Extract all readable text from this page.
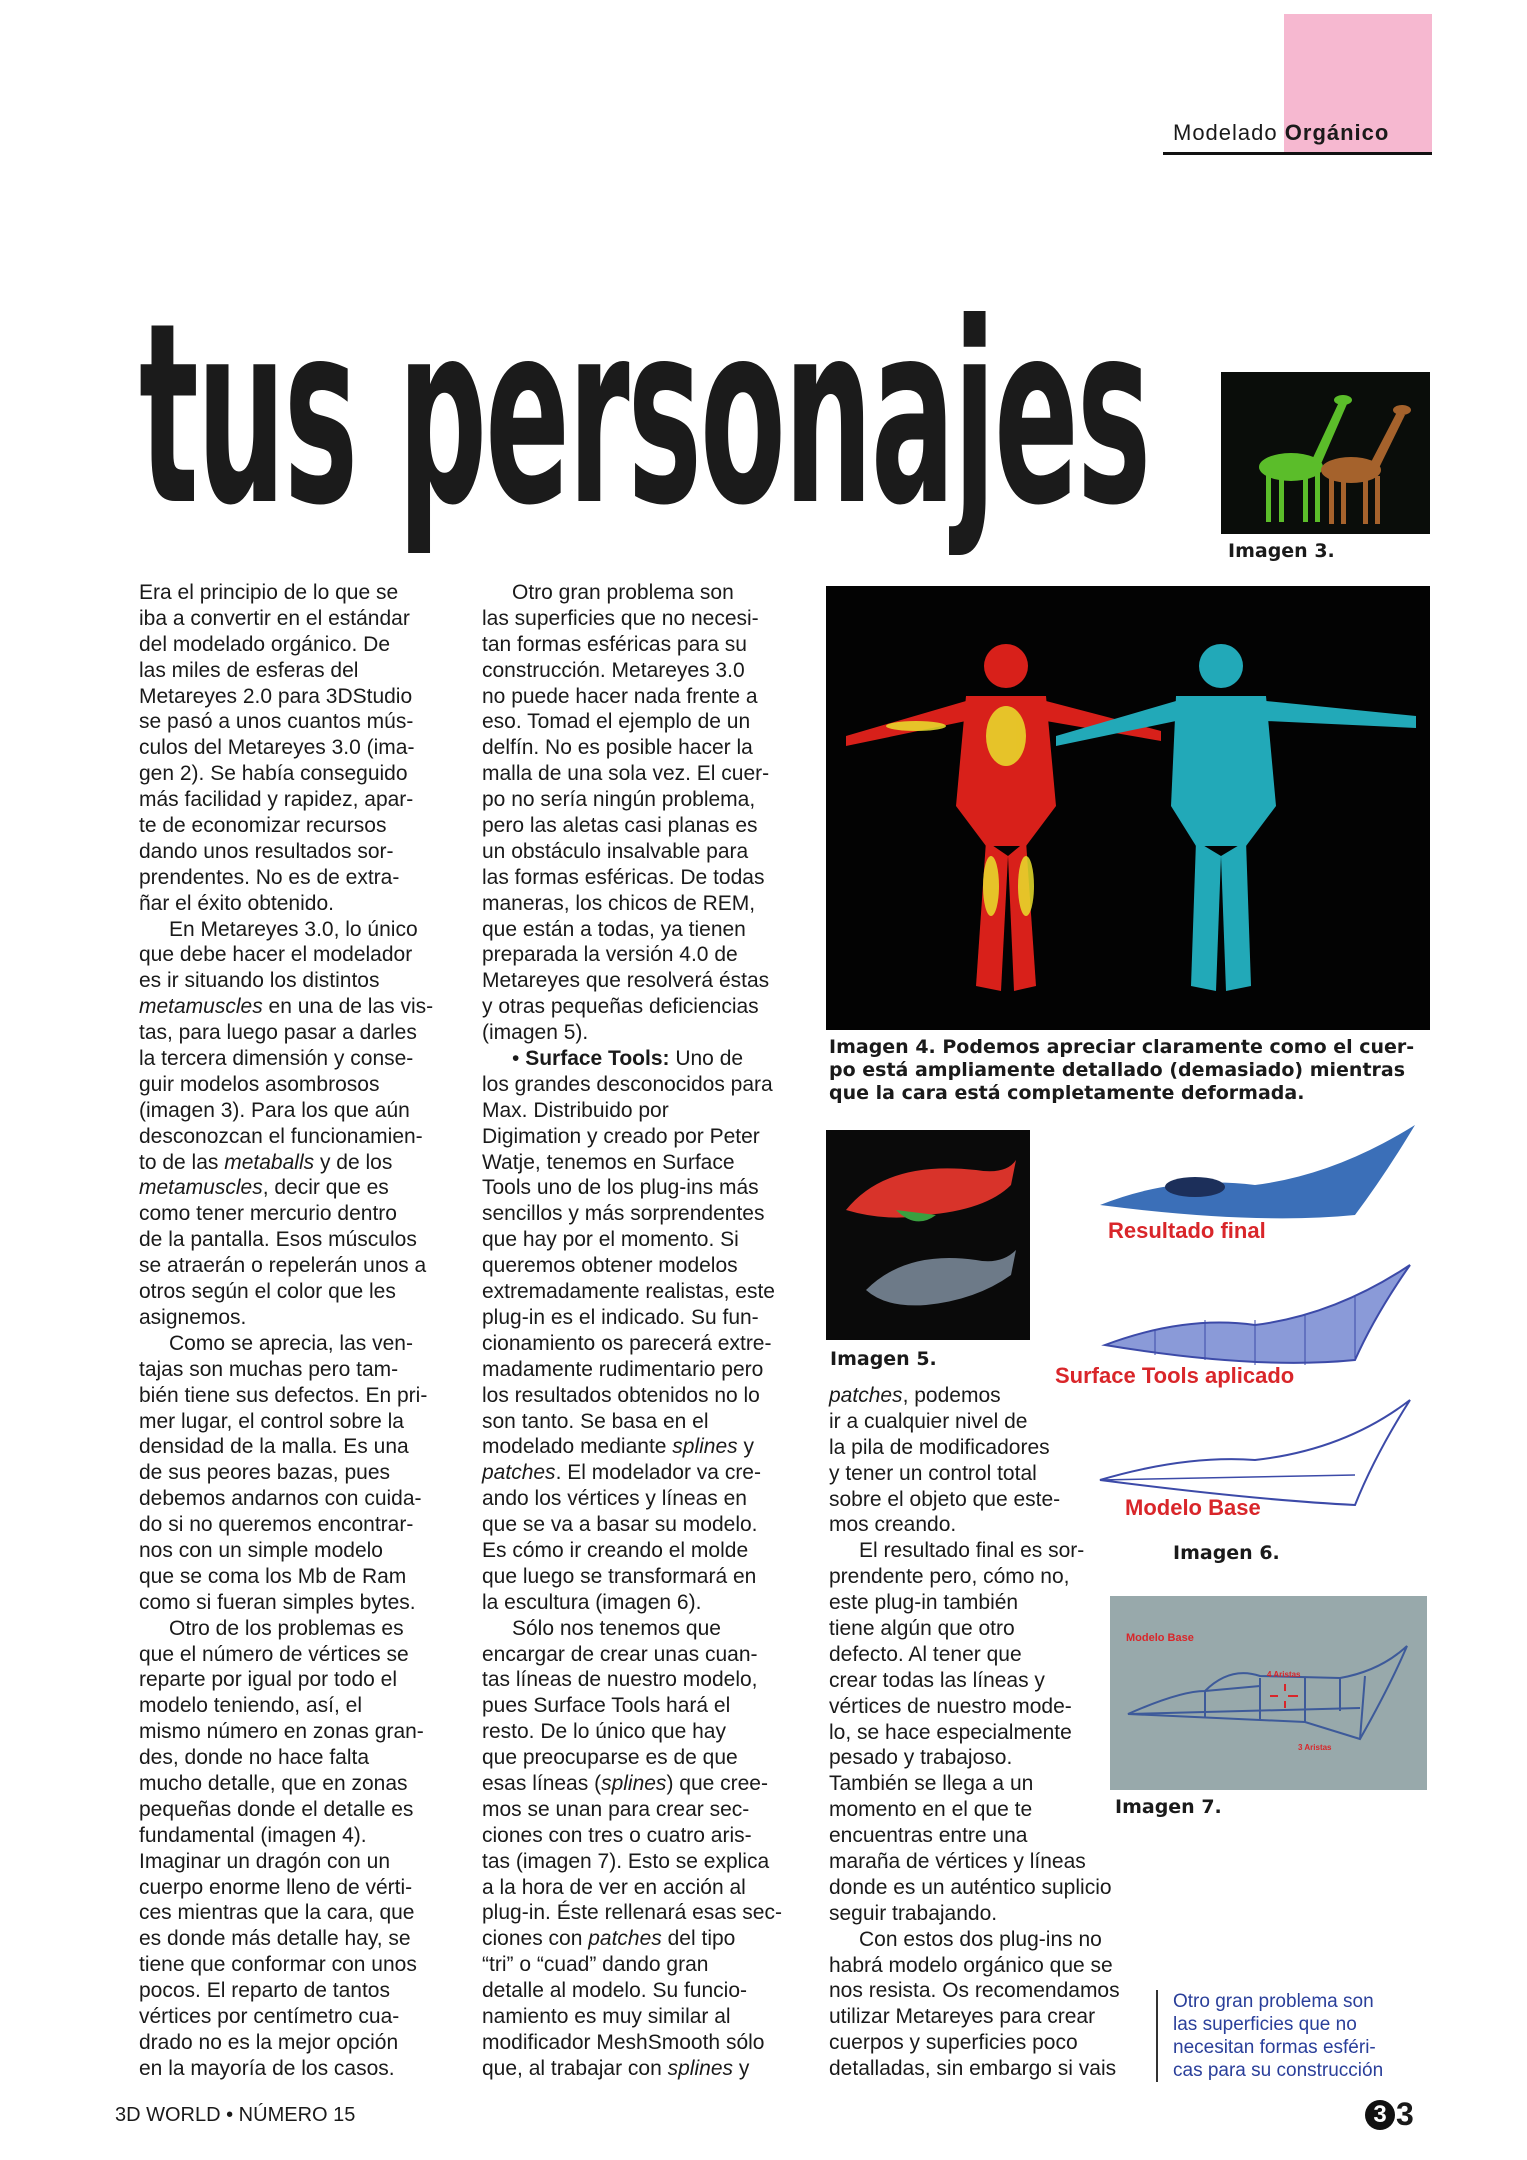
Modelado Orgánico
tus personajes	Imagen 3.
Imagen 4. Podemos apreciar claramente como el cuer-
po está ampliamente detallado (demasiado) mientras
que la cara está completamente deformada.
Imagen 5.
Resultado final
Surface Tools aplicado
Modelo Base
Imagen 6.
Modelo Base
4 Aristas
3 Aristas
Imagen 7.
Era el principio de lo que se
iba a convertir en el estándar
del modelado orgánico. De
las miles de esferas del
Metareyes 2.0 para 3DStudio
se pasó a unos cuantos mús-
culos del Metareyes 3.0 (ima-
gen 2). Se había conseguido
más facilidad y rapidez, apar-
te de economizar recursos
dando unos resultados sor-
prendentes. No es de extra-
ñar el éxito obtenido.
En Metareyes 3.0, lo único
que debe hacer el modelador
es ir situando los distintos
metamuscles en una de las vis-
tas, para luego pasar a darles
la tercera dimensión y conse-
guir modelos asombrosos
(imagen 3). Para los que aún
desconozcan el funcionamien-
to de las metaballs y de los
metamuscles, decir que es
como tener mercurio dentro
de la pantalla. Esos músculos
se atraerán o repelerán unos a
otros según el color que les
asignemos.
Como se aprecia, las ven-
tajas son muchas pero tam-
bién tiene sus defectos. En pri-
mer lugar, el control sobre la
densidad de la malla. Es una
de sus peores bazas, pues
debemos andarnos con cuida-
do si no queremos encontrar-
nos con un simple modelo
que se coma los Mb de Ram
como si fueran simples bytes.
Otro de los problemas es
que el número de vértices se
reparte por igual por todo el
modelo teniendo, así, el
mismo número en zonas gran-
des, donde no hace falta
mucho detalle, que en zonas
pequeñas donde el detalle es
fundamental (imagen 4).
Imaginar un dragón con un
cuerpo enorme lleno de vérti-
ces mientras que la cara, que
es donde más detalle hay, se
tiene que conformar con unos
pocos. El reparto de tantos
vértices por centímetro cua-
drado no es la mejor opción
en la mayoría de los casos.
Otro gran problema son
las superficies que no necesi-
tan formas esféricas para su
construcción. Metareyes 3.0
no puede hacer nada frente a
eso. Tomad el ejemplo de un
delfín. No es posible hacer la
malla de una sola vez. El cuer-
po no sería ningún problema,
pero las aletas casi planas es
un obstáculo insalvable para
las formas esféricas. De todas
maneras, los chicos de REM,
que están a todas, ya tienen
preparada la versión 4.0 de
Metareyes que resolverá éstas
y otras pequeñas deficiencias
(imagen 5).
• Surface Tools: Uno de
los grandes desconocidos para
Max. Distribuido por
Digimation y creado por Peter
Watje, tenemos en Surface
Tools uno de los plug-ins más
sencillos y más sorprendentes
que hay por el momento. Si
queremos obtener modelos
extremadamente realistas, este
plug-in es el indicado. Su fun-
cionamiento os parecerá extre-
madamente rudimentario pero
los resultados obtenidos no lo
son tanto. Se basa en el
modelado mediante splines y
patches. El modelador va cre-
ando los vértices y líneas en
que se va a basar su modelo.
Es cómo ir creando el molde
que luego se transformará en
la escultura (imagen 6).
Sólo nos tenemos que
encargar de crear unas cuan-
tas líneas de nuestro modelo,
pues Surface Tools hará el
resto. De lo único que hay
que preocuparse es de que
esas líneas (splines) que cree-
mos se unan para crear sec-
ciones con tres o cuatro aris-
tas (imagen 7). Esto se explica
a la hora de ver en acción al
plug-in. Éste rellenará esas sec-
ciones con patches del tipo
“tri” o “cuad” dando gran
detalle al modelo. Su funcio-
namiento es muy similar al
modificador MeshSmooth sólo
que, al trabajar con splines y
patches, podemos
ir a cualquier nivel de
la pila de modificadores
y tener un control total
sobre el objeto que este-
mos creando.
El resultado final es sor-
prendente pero, cómo no,
este plug-in también
tiene algún que otro
defecto. Al tener que
crear todas las líneas y
vértices de nuestro mode-
lo, se hace especialmente
pesado y trabajoso.
También se llega a un
momento en el que te
encuentras entre una
maraña de vértices y líneas
donde es un auténtico suplicio
seguir trabajando.
Con estos dos plug-ins no
habrá modelo orgánico que se
nos resista. Os recomendamos
utilizar Metareyes para crear
cuerpos y superficies poco
detalladas, sin embargo si vais
Otro gran problema son
las superficies que no
necesitan formas esféri-
cas para su construcción
3D WORLD • NÚMERO 15	3 3
